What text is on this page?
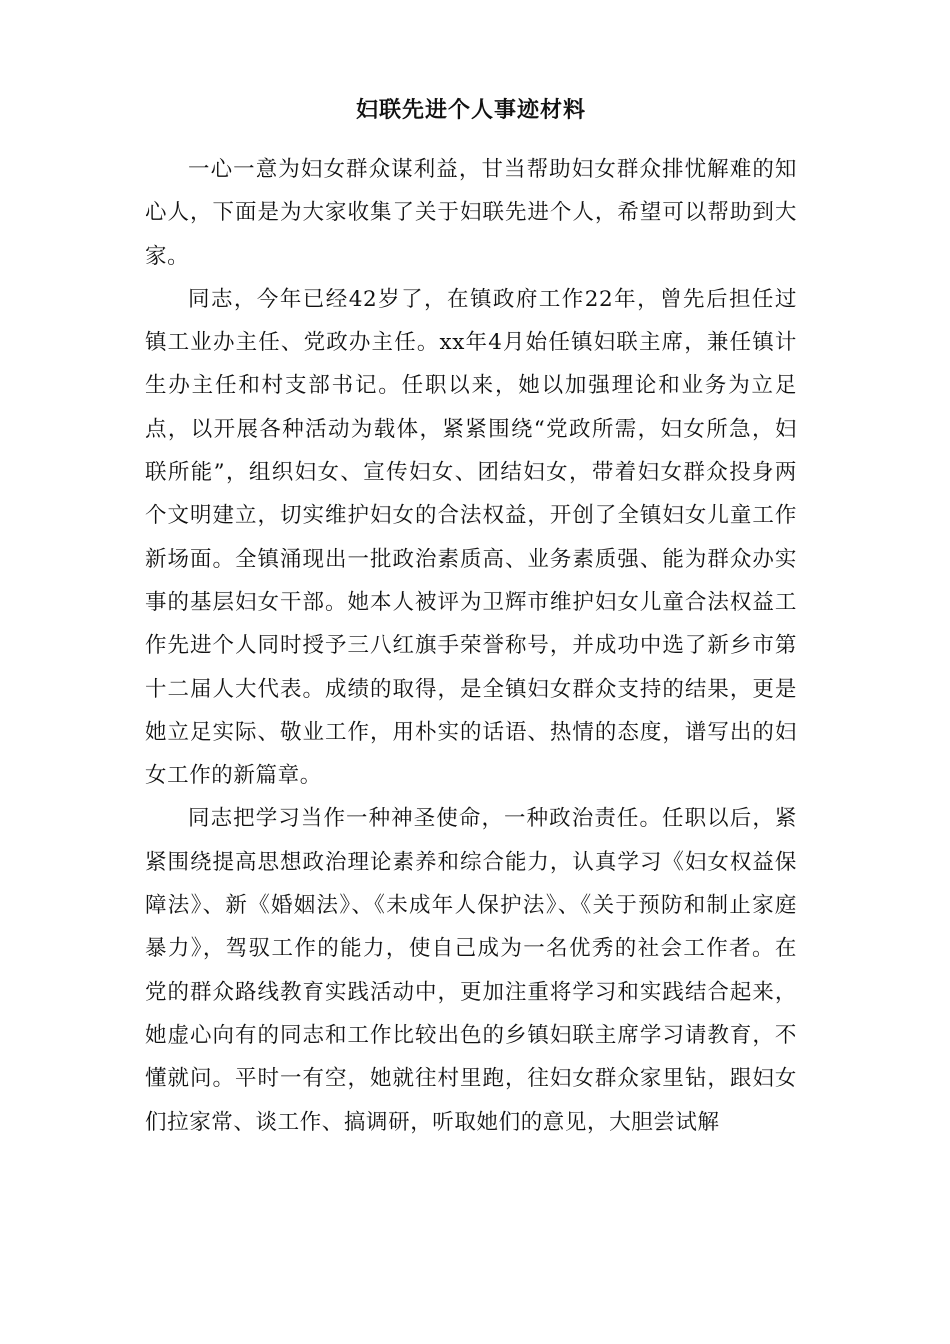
妇联先进个人事迹材料

一心一意为妇女群众谋利益，甘当帮助妇女群众排忧解难的知心人，下面是为大家收集了关于妇联先进个人，希望可以帮助到大家。

同志，今年已经42岁了，在镇政府工作22年，曾先后担任过镇工业办主任、党政办主任。xx年4月始任镇妇联主席，兼任镇计生办主任和村支部书记。任职以来，她以加强理论和业务为立足点，以开展各种活动为载体，紧紧围绕“党政所需，妇女所急，妇联所能”，组织妇女、宣传妇女、团结妇女，带着妇女群众投身两个文明建立，切实维护妇女的合法权益，开创了全镇妇女儿童工作新场面。全镇涌现出一批政治素质高、业务素质强、能为群众办实事的基层妇女干部。她本人被评为卫辉市维护妇女儿童合法权益工作先进个人同时授予三八红旗手荣誉称号，并成功中选了新乡市第十二届人大代表。成绩的取得，是全镇妇女群众支持的结果，更是她立足实际、敬业工作，用朴实的话语、热情的态度，谱写出的妇女工作的新篇章。

同志把学习当作一种神圣使命，一种政治责任。任职以后，紧紧围绕提高思想政治理论素养和综合能力，认真学习《妇女权益保障法》、新《婚姻法》、《未成年人保护法》、《关于预防和制止家庭暴力》，驾驭工作的能力，使自己成为一名优秀的社会工作者。在党的群众路线教育实践活动中，更加注重将学习和实践结合起来，她虚心向有的同志和工作比较出色的乡镇妇联主席学习请教育，不懂就问。平时一有空，她就往村里跑，往妇女群众家里钻，跟妇女们拉家常、谈工作、搞调研，听取她们的意见，大胆尝试解
